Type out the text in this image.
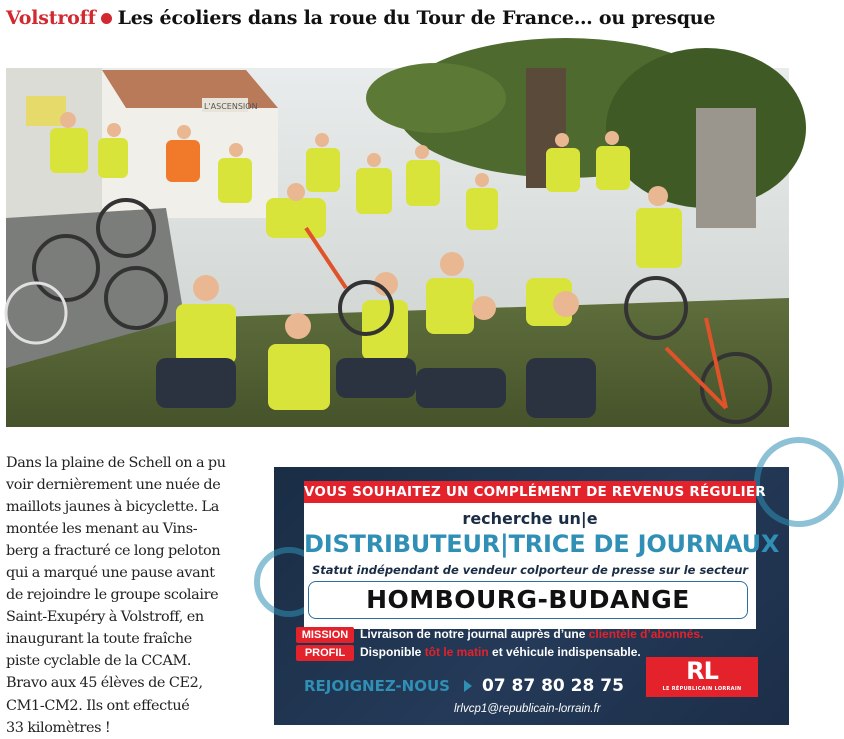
Volstroff Les écoliers dans la roue du Tour de France… ou presque
L'ASCENSION
Dans la plaine de Schell on a pu
voir dernièrement une nuée de
maillots jaunes à bicyclette. La
montée les menant au Vins-
berg a fracturé ce long peloton
qui a marqué une pause avant
de rejoindre le groupe scolaire
Saint-Exupéry à Volstroff, en
inaugurant la toute fraîche
piste cyclable de la CCAM.
Bravo aux 45 élèves de CE2,
CM1-CM2. Ils ont effectué
33 kilomètres !
VOUS SOUHAITEZ UN COMPLÉMENT DE REVENUS RÉGULIER
recherche un|e
DISTRIBUTEUR|TRICE DE JOURNAUX
Statut indépendant de vendeur colporteur de presse sur le secteur
HOMBOURG-BUDANGE
MISSION Livraison de notre journal auprès d’une clientèle d’abonnés.
PROFIL Disponible tôt le matin et véhicule indispensable.
REJOIGNEZ-NOUS 07 87 80 28 75
lrlvcp1@republicain-lorrain.fr
RL
LE RÉPUBLICAIN LORRAIN
